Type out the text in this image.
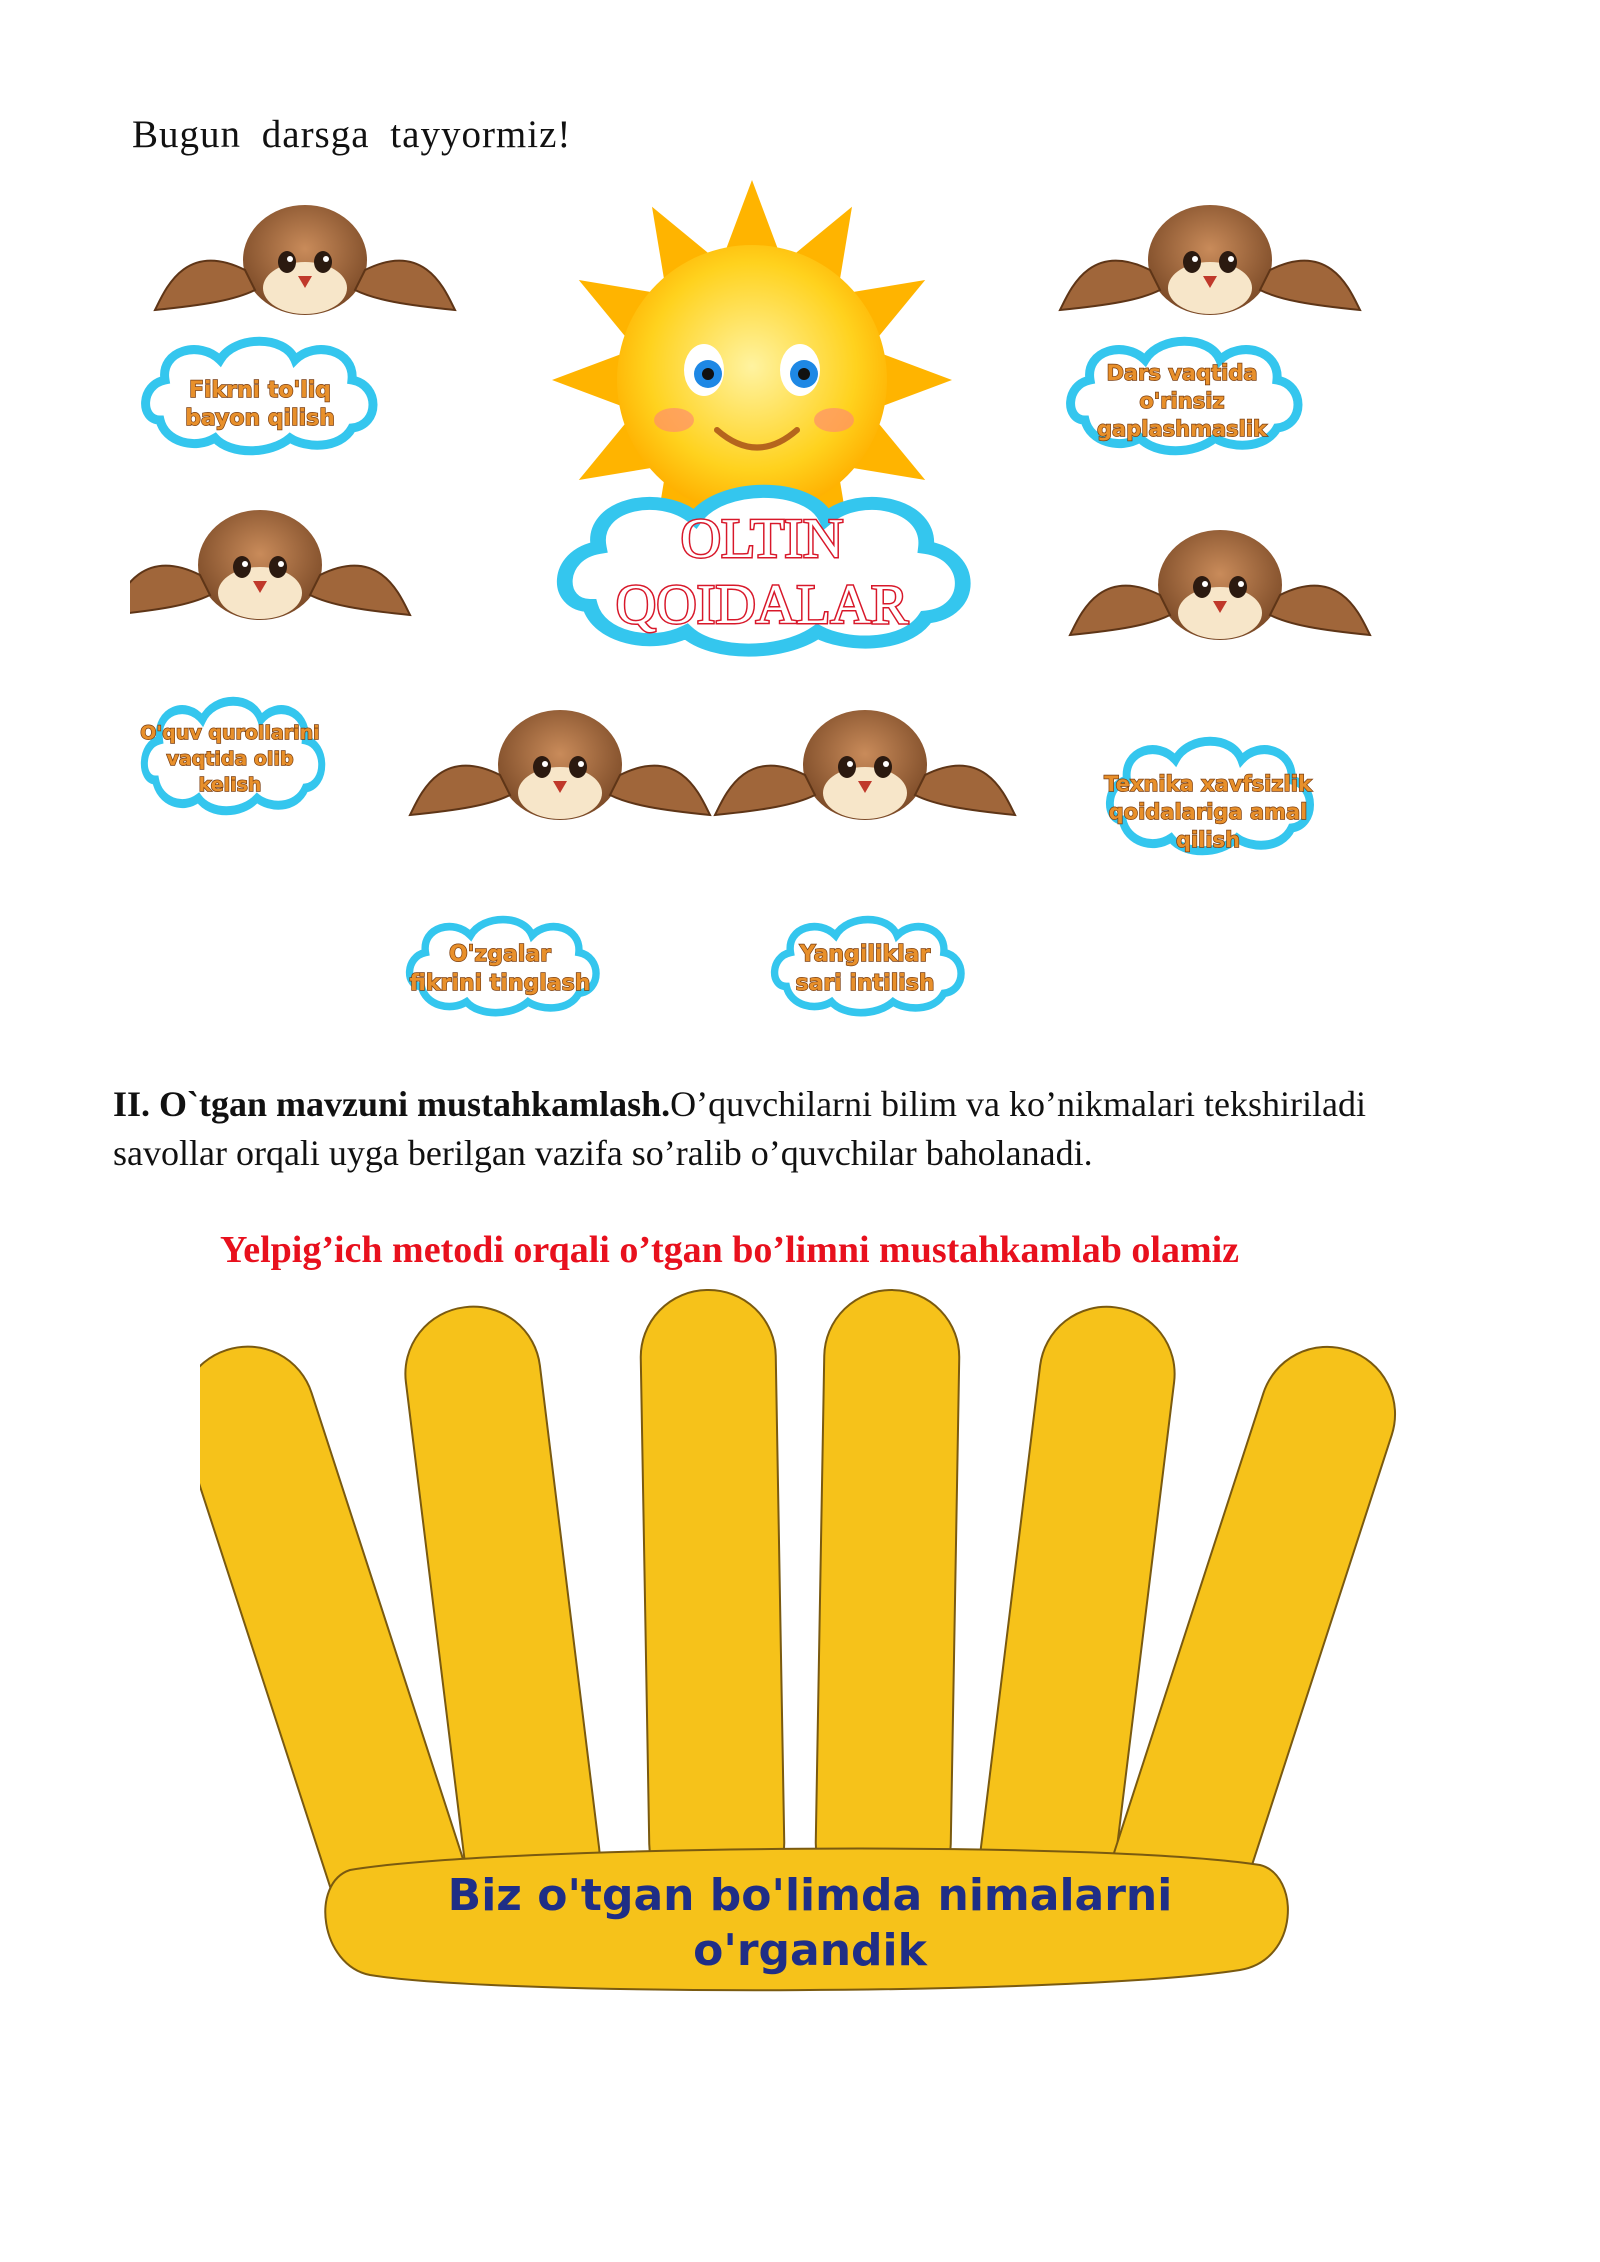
Bugun darsga tayyormiz!
OLTIN
QOIDALAR
Fikrni to'liq
bayon qilish
Dars vaqtida
o'rinsiz
gaplashmaslik
O'quv qurollarini
vaqtida olib
kelish	Texnika xavfsizlik
qoidalariga amal
qilish
O'zgalar
fikrini tinglash
Yangiliklar
sari intilish
II. O`tgan mavzuni mustahkamlash.O’quvchilarni bilim va ko’nikmalari tekshiriladi savollar orqali uyga berilgan vazifa so’ralib o’quvchilar baholanadi.
Yelpig’ich metodi orqali o’tgan bo’limni mustahkamlab olamiz
Biz o'tgan bo'limda nimalarni
o'rgandik
